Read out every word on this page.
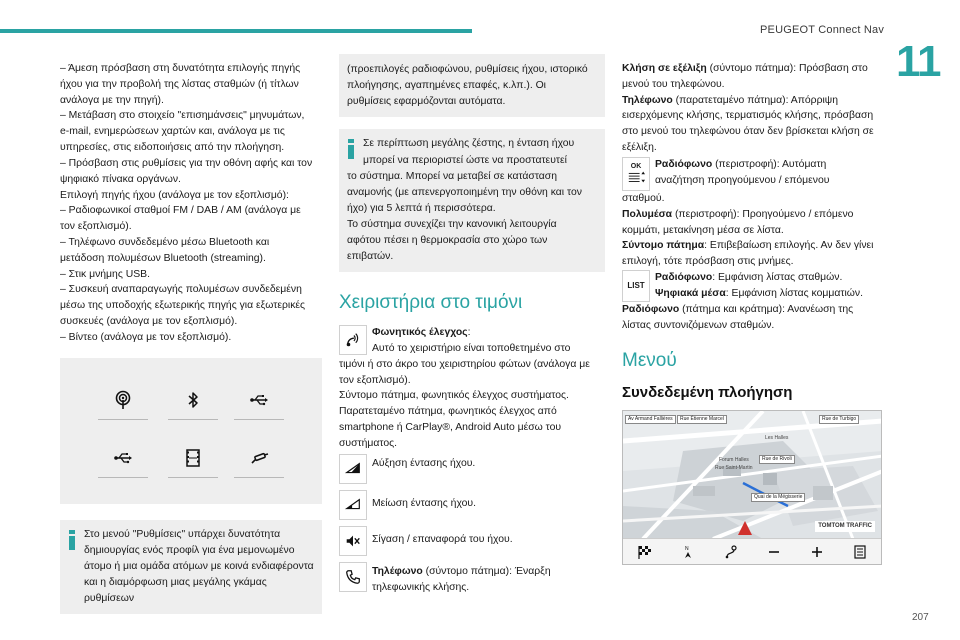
PEUGEOT Connect Nav
11
207

– Άμεση πρόσβαση στη δυνατότητα επιλογής πηγής

ήχου για την προβολή της λίστας σταθμών (ή τίτλων

ανάλογα με την πηγή).

– Μετάβαση στο στοιχείο "επισημάνσεις" μηνυμάτων,

e-mail, ενημερώσεων χαρτών και, ανάλογα με τις

υπηρεσίες, στις ειδοποιήσεις από την πλοήγηση.

– Πρόσβαση στις ρυθμίσεις για την οθόνη αφής και τον

ψηφιακό πίνακα οργάνων.

Επιλογή πηγής ήχου (ανάλογα με τον εξοπλισμό):

– Ραδιοφωνικοί σταθμοί FM / DAB / AM (ανάλογα με

τον εξοπλισμό).

– Τηλέφωνο συνδεδεμένο μέσω Bluetooth και

μετάδοση πολυμέσων Bluetooth (streaming).

– Στικ μνήμης USB.

– Συσκευή αναπαραγωγής πολυμέσων συνδεδεμένη

μέσω της υποδοχής εξωτερικής πηγής για εξωτερικές

συσκευές (ανάλογα με τον εξοπλισμό).

– Βίντεο (ανάλογα με τον εξοπλισμό).

Στο μενού "Ρυθμίσεις" υπάρχει δυνατότητα

δημιουργίας ενός προφίλ για ένα μεμονωμένο

άτομο ή μια ομάδα ατόμων με κοινά ενδιαφέροντα

και η διαμόρφωση μιας μεγάλης γκάμας ρυθμίσεων

(προεπιλογές ραδιοφώνου, ρυθμίσεις ήχου, ιστορικό

πλοήγησης, αγαπημένες επαφές, κ.λπ.). Οι

ρυθμίσεις εφαρμόζονται αυτόματα.

Σε περίπτωση μεγάλης ζέστης, η ένταση ήχου

μπορεί να περιοριστεί ώστε να προστατευτεί

το σύστημα. Μπορεί να μεταβεί σε κατάσταση

αναμονής (με απενεργοποιημένη την οθόνη και τον

ήχο) για 5 λεπτά ή περισσότερα.

Το σύστημα συνεχίζει την κανονική λειτουργία

αφότου πέσει η θερμοκρασία στο χώρο των

επιβατών.

Χειριστήρια στο τιμόνι

Φωνητικός έλεγχος:

Αυτό το χειριστήριο είναι τοποθετημένο στο

τιμόνι ή στο άκρο του χειριστηρίου φώτων (ανάλογα με

τον εξοπλισμό).

Σύντομο πάτημα, φωνητικός έλεγχος συστήματος.

Παρατεταμένο πάτημα, φωνητικός έλεγχος από

smartphone ή CarPlay®, Android Auto μέσω του

συστήματος.

Αύξηση έντασης ήχου.

Μείωση έντασης ήχου.

Σίγαση / επαναφορά του ήχου.

Τηλέφωνο (σύντομο πάτημα): Έναρξη

τηλεφωνικής κλήσης.

Κλήση σε εξέλιξη (σύντομο πάτημα): Πρόσβαση στο

μενού του τηλεφώνου.

Τηλέφωνο (παρατεταμένο πάτημα): Απόρριψη

εισερχόμενης κλήσης, τερματισμός κλήσης, πρόσβαση

στο μενού του τηλεφώνου όταν δεν βρίσκεται κλήση σε

εξέλιξη.

OK Ραδιόφωνο (περιστροφή): Αυτόματη

αναζήτηση προηγούμενου / επόμενου

σταθμού.

Πολυμέσα (περιστροφή): Προηγούμενο / επόμενο

κομμάτι, μετακίνηση μέσα σε λίστα.

Σύντομο πάτημα: Επιβεβαίωση επιλογής. Αν δεν γίνει

επιλογή, τότε πρόσβαση στις μνήμες.

LIST

Ραδιόφωνο: Εμφάνιση λίστας σταθμών.

Ψηφιακά μέσα: Εμφάνιση λίστας κομματιών.

Ραδιόφωνο (πάτημα και κράτημα): Ανανέωση της

λίστας συντονιζόμενων σταθμών.

Μενού
Συνδεδεμένη πλοήγηση
Av Armand Fallières	Rue Étienne Marcel	Rue de Turbigo
Les Halles
Forum Halles	Rue de Rivoli
Quai de la Mégisserie
Rue Saint-Martin
TOMTOM TRAFFIC
N
